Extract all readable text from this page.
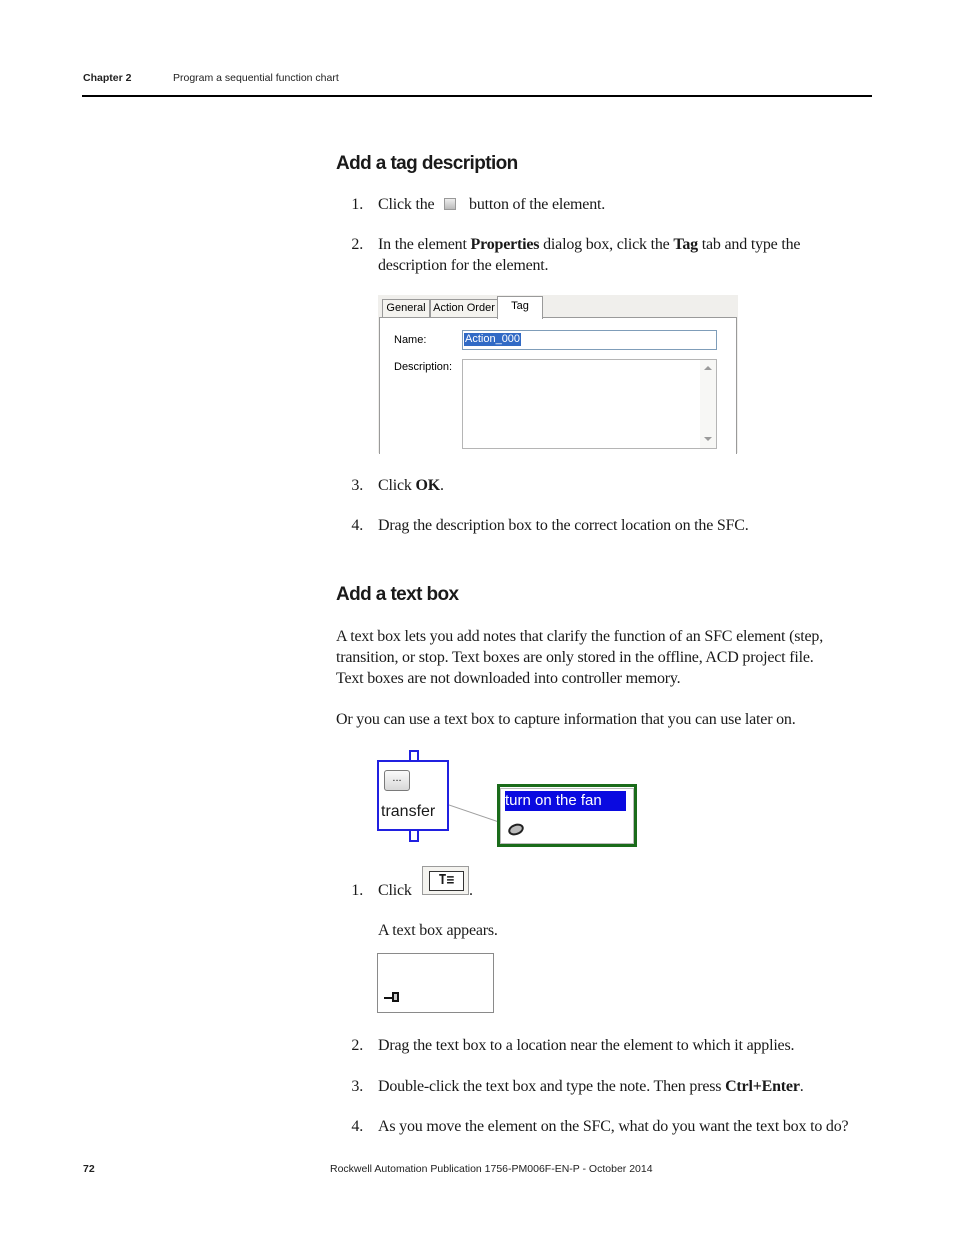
Chapter 2	Program a sequential function chart
Add a tag description
1. Click the button of the element.
2. In the element Properties dialog box, click the Tag tab and type the
description for the element.
General Action Order	Tag
Name:	Action_000
Description:
3. Click OK.
4. Drag the description box to the correct location on the SFC.
Add a text box
A text box lets you add notes that clarify the function of an SFC element (step,
transition, or stop. Text boxes are only stored in the offline, ACD project file.
Text boxes are not downloaded into controller memory.
Or you can use a text box to capture information that you can use later on.
...
transfer
turn on the fan
1. Click
T≡
.
A text box appears.
2. Drag the text box to a location near the element to which it applies.
3. Double-click the text box and type the note. Then press Ctrl+Enter.
4. As you move the element on the SFC, what do you want the text box to do?
72	Rockwell Automation Publication 1756-PM006F-EN-P - October 2014
